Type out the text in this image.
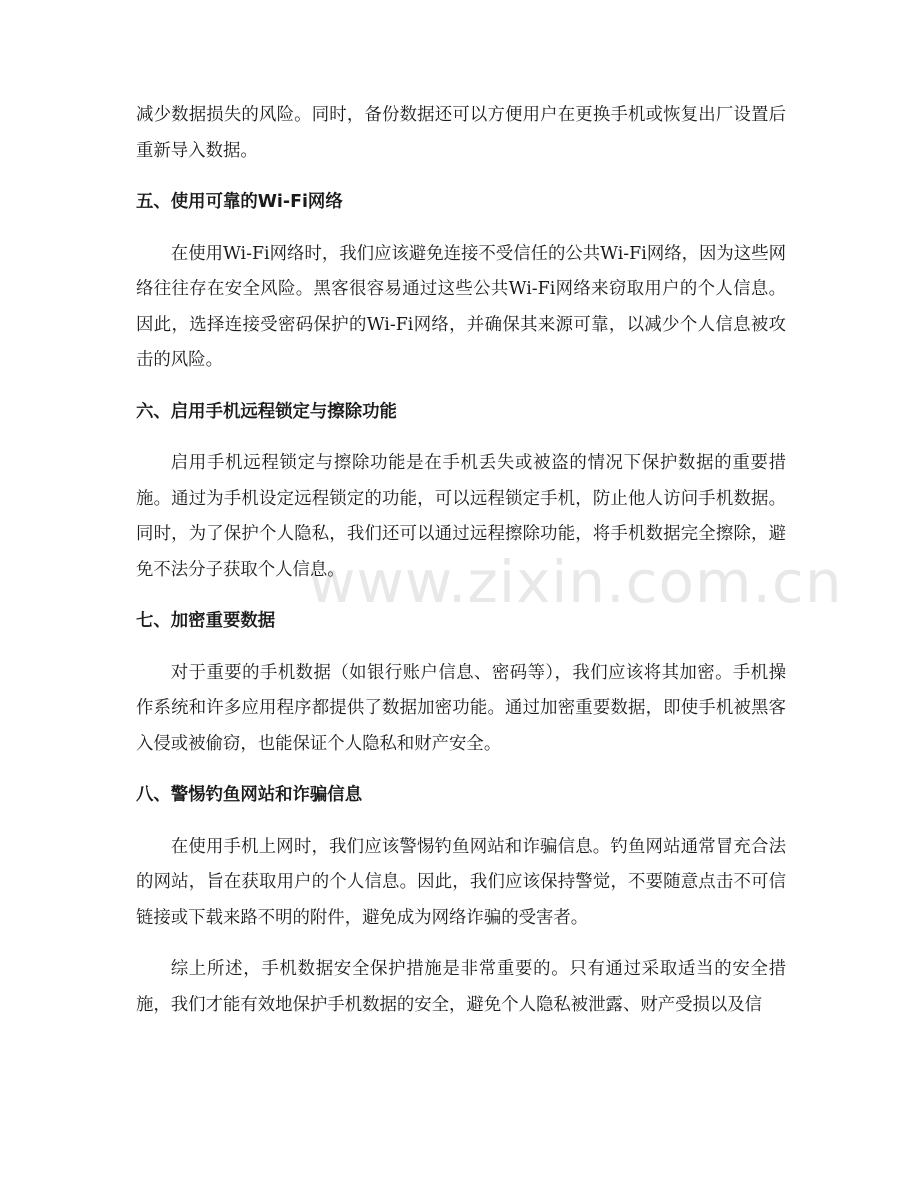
减少数据损失的风险。同时，备份数据还可以方便用户在更换手机或恢复出厂设置后重新导入数据。

五、使用可靠的Wi-Fi网络

在使用Wi-Fi网络时，我们应该避免连接不受信任的公共Wi-Fi网络，因为这些网络往往存在安全风险。黑客很容易通过这些公共Wi-Fi网络来窃取用户的个人信息。因此，选择连接受密码保护的Wi-Fi网络，并确保其来源可靠，以减少个人信息被攻击的风险。

六、启用手机远程锁定与擦除功能

启用手机远程锁定与擦除功能是在手机丢失或被盗的情况下保护数据的重要措施。通过为手机设定远程锁定的功能，可以远程锁定手机，防止他人访问手机数据。同时，为了保护个人隐私，我们还可以通过远程擦除功能，将手机数据完全擦除，避免不法分子获取个人信息。

七、加密重要数据

对于重要的手机数据（如银行账户信息、密码等），我们应该将其加密。手机操作系统和许多应用程序都提供了数据加密功能。通过加密重要数据，即使手机被黑客入侵或被偷窃，也能保证个人隐私和财产安全。

八、警惕钓鱼网站和诈骗信息

在使用手机上网时，我们应该警惕钓鱼网站和诈骗信息。钓鱼网站通常冒充合法的网站，旨在获取用户的个人信息。因此，我们应该保持警觉，不要随意点击不可信链接或下载来路不明的附件，避免成为网络诈骗的受害者。

综上所述，手机数据安全保护措施是非常重要的。只有通过采取适当的安全措施，我们才能有效地保护手机数据的安全，避免个人隐私被泄露、财产受损以及信

www.zixin.com.cn
